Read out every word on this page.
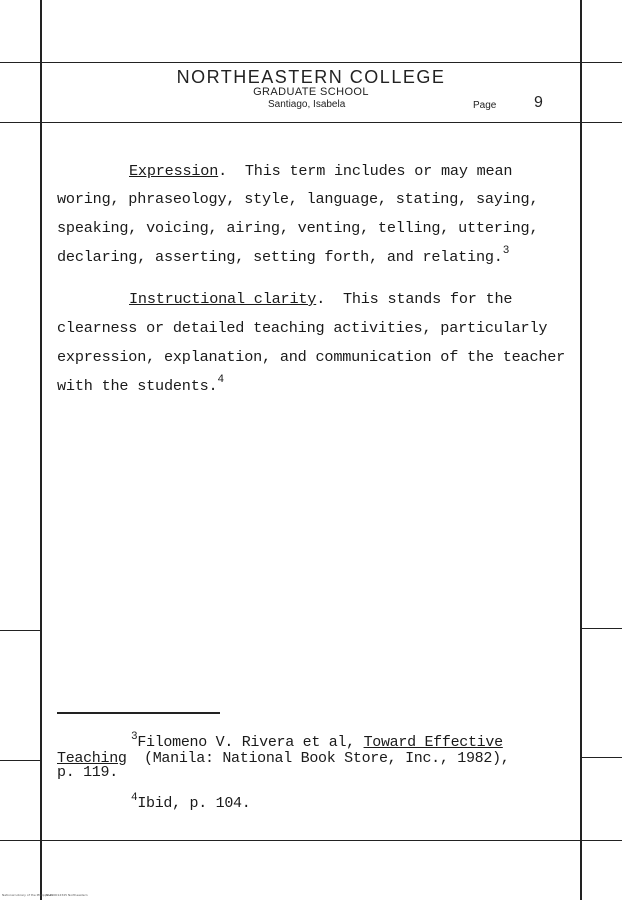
NORTHEASTERN COLLEGE
GRADUATE SCHOOL
Santiago, Isabela	Page 9
Expression.  This term includes or may mean
woring, phraseology, style, language, stating, saying,
speaking, voicing, airing, venting, telling, uttering,
declaring, asserting, setting forth, and relating.$^3$
Instructional clarity.  This stands for the
clearness or detailed teaching activities, particularly
expression, explanation, and communication of the teacher
with the students.$^4$
$^3$Filomeno V. Rivera et al, Toward Effective
Teaching  (Manila: National Book Store, Inc., 1982),
p. 119.
$^4$Ibid, p. 104.
National Library of the Philippines
NLP00012345 Northeastern
